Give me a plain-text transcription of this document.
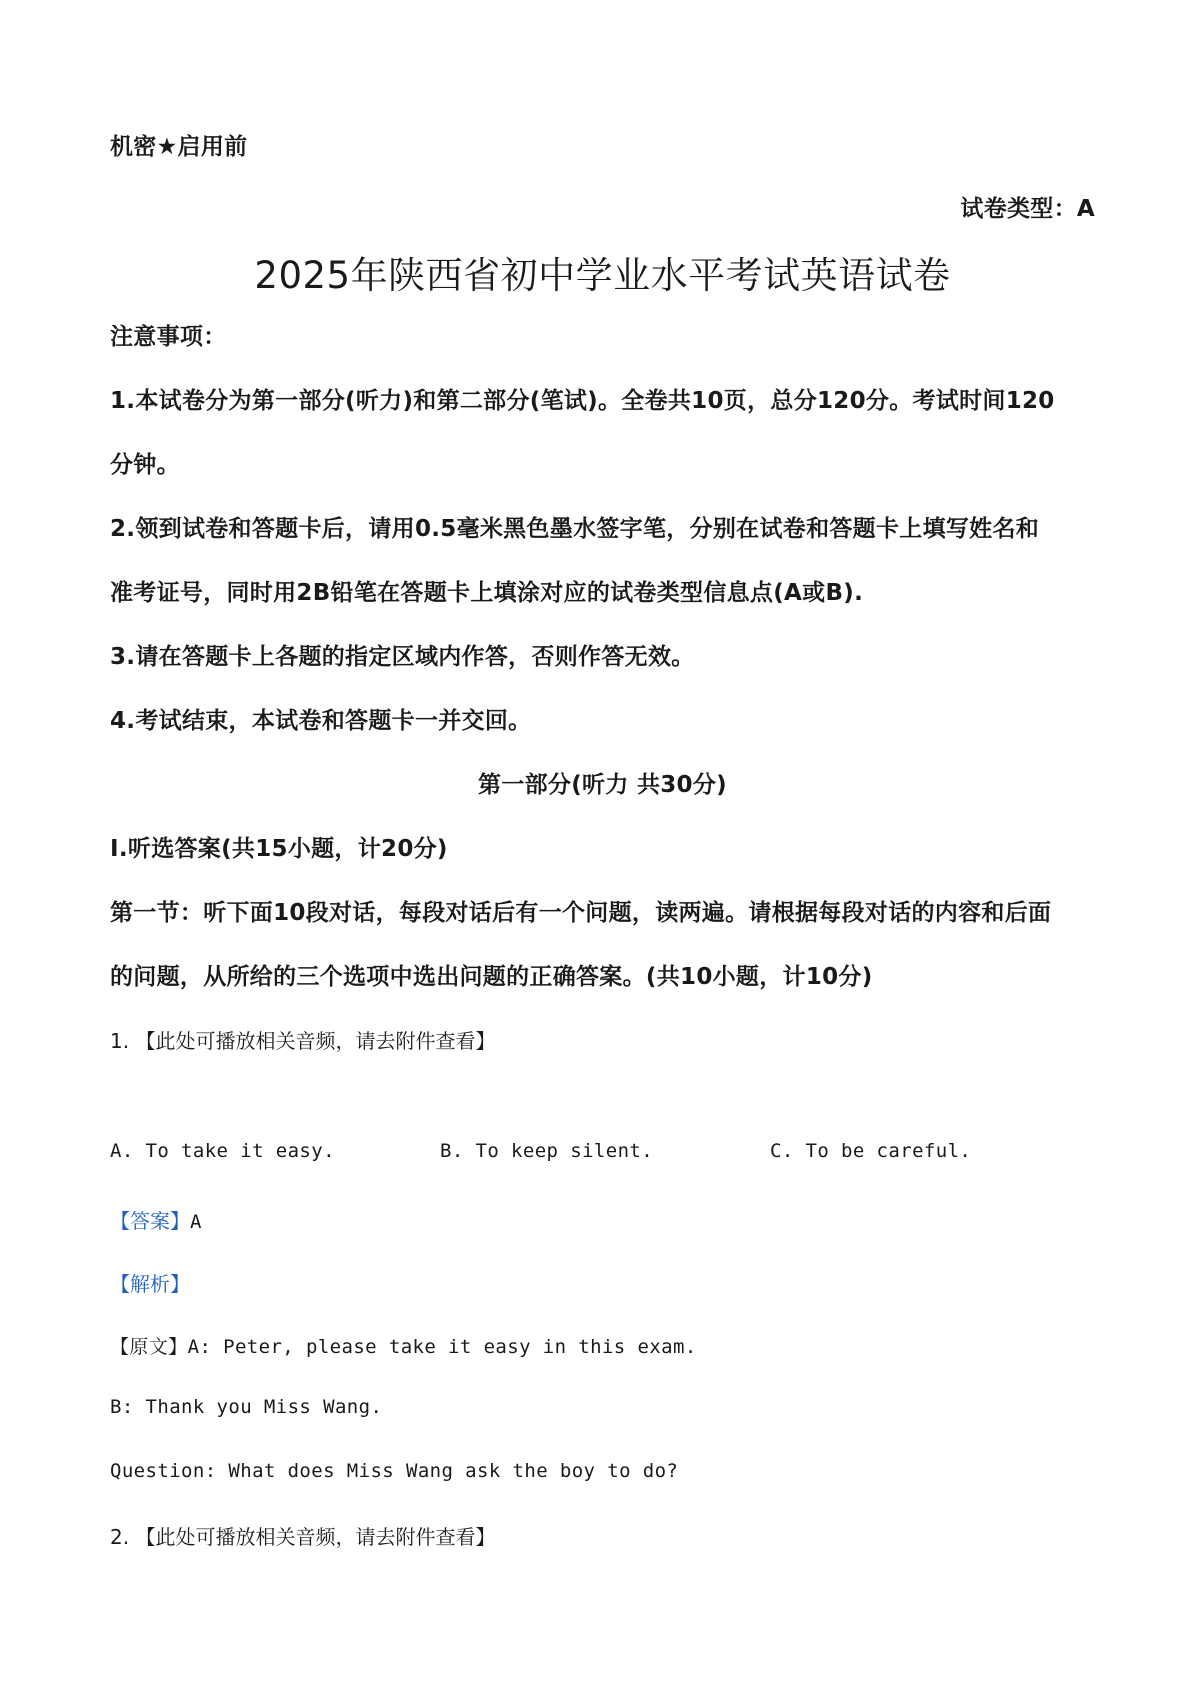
机密★启用前
试卷类型：A
2025年陕西省初中学业水平考试英语试卷
注意事项：
1.本试卷分为第一部分(听力)和第二部分(笔试)。全卷共10页，总分120分。考试时间120
分钟。
2.领到试卷和答题卡后，请用0.5毫米黑色墨水签字笔，分别在试卷和答题卡上填写姓名和
准考证号，同时用2B铅笔在答题卡上填涂对应的试卷类型信息点(A或B).
3.请在答题卡上各题的指定区域内作答，否则作答无效。
4.考试结束，本试卷和答题卡一并交回。
第一部分(听力 共30分)
I.听选答案(共15小题，计20分)
第一节：听下面10段对话，每段对话后有一个问题，读两遍。请根据每段对话的内容和后面
的问题，从所给的三个选项中选出问题的正确答案。(共10小题，计10分)
1. 【此处可播放相关音频，请去附件查看】
A. To take it easy.	B. To keep silent.	C. To be careful.
【答案】A
【解析】
【原文】A: Peter, please take it easy in this exam.
B: Thank you Miss Wang.
Question: What does Miss Wang ask the boy to do?
2. 【此处可播放相关音频，请去附件查看】
